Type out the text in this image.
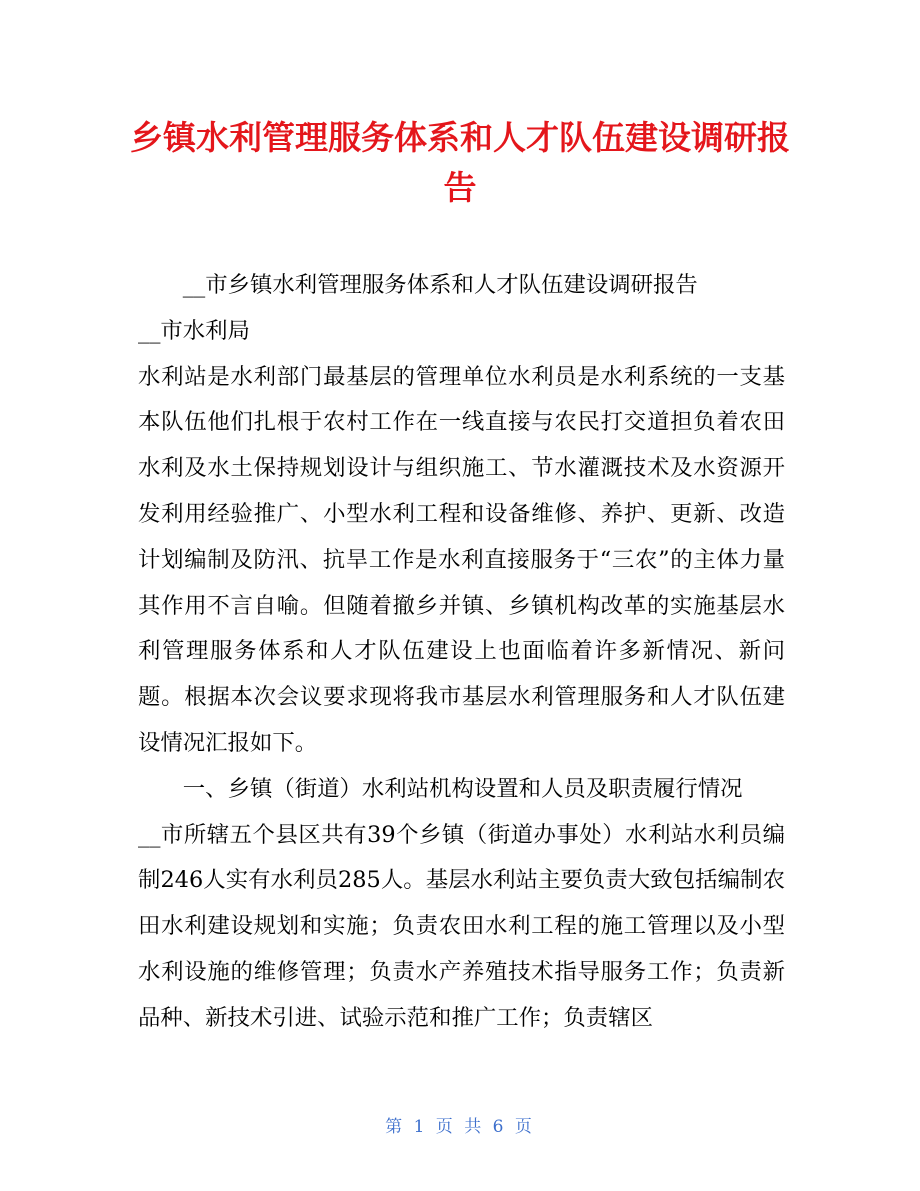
乡镇水利管理服务体系和人才队伍建设调研报告

__市乡镇水利管理服务体系和人才队伍建设调研报告

__市水利局

水利站是水利部门最基层的管理单位水利员是水利系统的一支基本队伍他们扎根于农村工作在一线直接与农民打交道担负着农田水利及水土保持规划设计与组织施工、节水灌溉技术及水资源开发利用经验推广、小型水利工程和设备维修、养护、更新、改造计划编制及防汛、抗旱工作是水利直接服务于“三农”的主体力量其作用不言自喻。但随着撤乡并镇、乡镇机构改革的实施基层水利管理服务体系和人才队伍建设上也面临着许多新情况、新问题。根据本次会议要求现将我市基层水利管理服务和人才队伍建设情况汇报如下。

一、乡镇（街道）水利站机构设置和人员及职责履行情况

__市所辖五个县区共有39个乡镇（街道办事处）水利站水利员编制246人实有水利员285人。基层水利站主要负责大致包括编制农田水利建设规划和实施；负责农田水利工程的施工管理以及小型水利设施的维修管理；负责水产养殖技术指导服务工作；负责新品种、新技术引进、试验示范和推广工作；负责辖区

第 1 页 共 6 页
